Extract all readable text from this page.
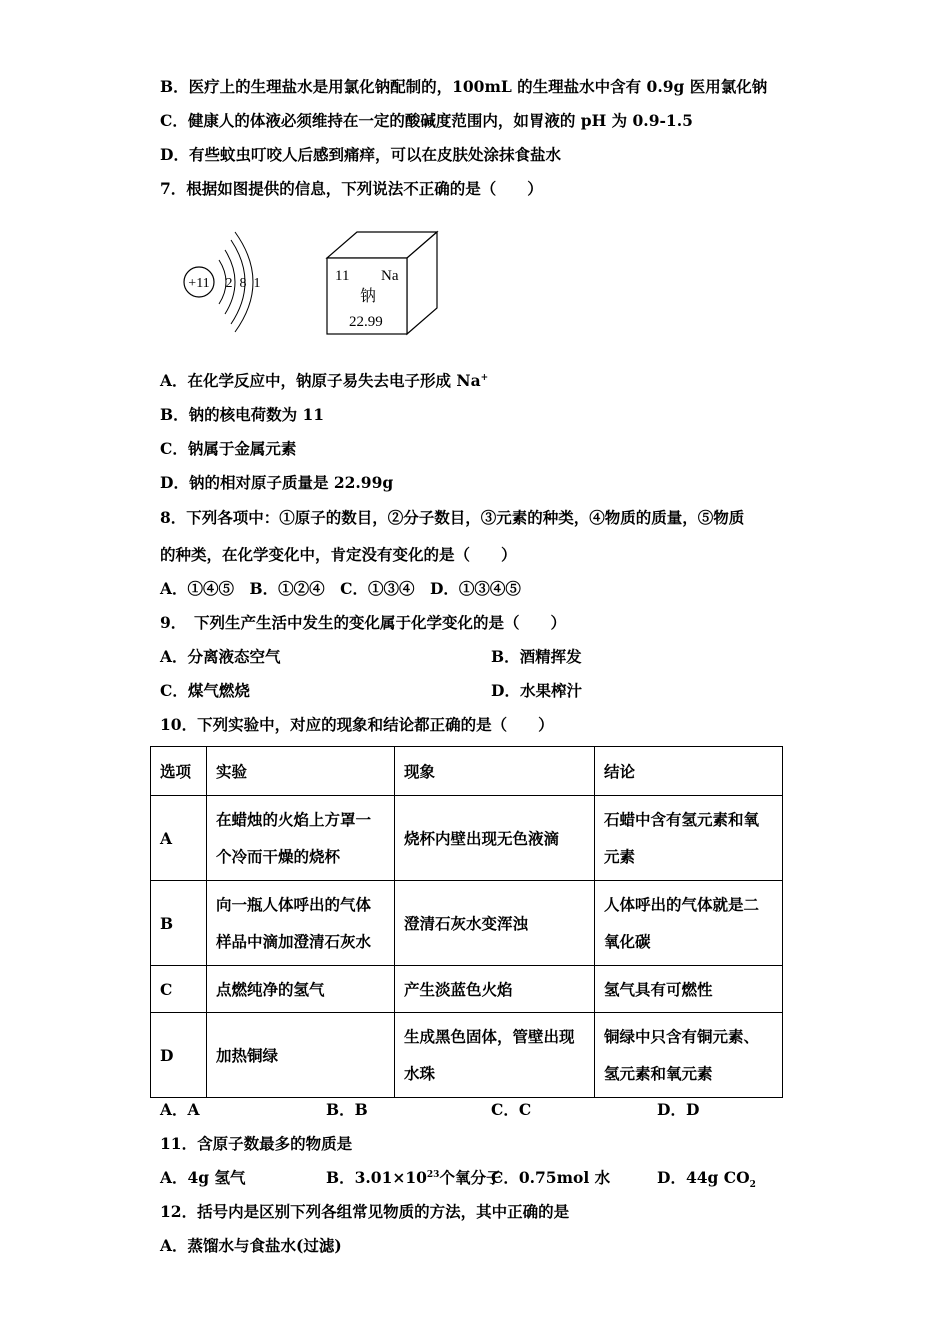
B．医疗上的生理盐水是用氯化钠配制的，100mL 的生理盐水中含有 0.9g 医用氯化钠
C．健康人的体液必须维持在一定的酸碱度范围内，如胃液的 pH 为 0.9-1.5
D．有些蚊虫叮咬人后感到痛痒，可以在皮肤处涂抹食盐水
7．根据如图提供的信息，下列说法不正确的是（　　）
+11 2 8 1	11 Na
钠
22.99
A．在化学反应中，钠原子易失去电子形成 Na+
B．钠的核电荷数为 11
C．钠属于金属元素
D．钠的相对原子质量是 22.99g
8．下列各项中：①原子的数目，②分子数目，③元素的种类，④物质的质量，⑤物质
的种类，在化学变化中，肯定没有变化的是（　　）
A．①④⑤　B．①②④　C．①③④　D．①③④⑤
9．　下列生产生活中发生的变化属于化学变化的是（　　）
A．分离液态空气	B．酒精挥发
C．煤气燃烧	D．水果榨汁
10．下列实验中，对应的现象和结论都正确的是（　　）
选项	实验	现象	结论
A	在蜡烛的火焰上方罩一个冷而干燥的烧杯	烧杯内壁出现无色液滴	石蜡中含有氢元素和氧元素
B	向一瓶人体呼出的气体样品中滴加澄清石灰水	澄清石灰水变浑浊	人体呼出的气体就是二氧化碳
C	点燃纯净的氢气	产生淡蓝色火焰	氢气具有可燃性
D	加热铜绿	生成黑色固体，管壁出现水珠	铜绿中只含有铜元素、氢元素和氧元素
A．A	B．B	C．C	D．D
11．含原子数最多的物质是
A．4g 氢气	B．$3.01\times 10^{23}$个氧分子
C．0.75mol 水	D．44g $CO_2$
12．括号内是区别下列各组常见物质的方法，其中正确的是
A．蒸馏水与食盐水(过滤)
